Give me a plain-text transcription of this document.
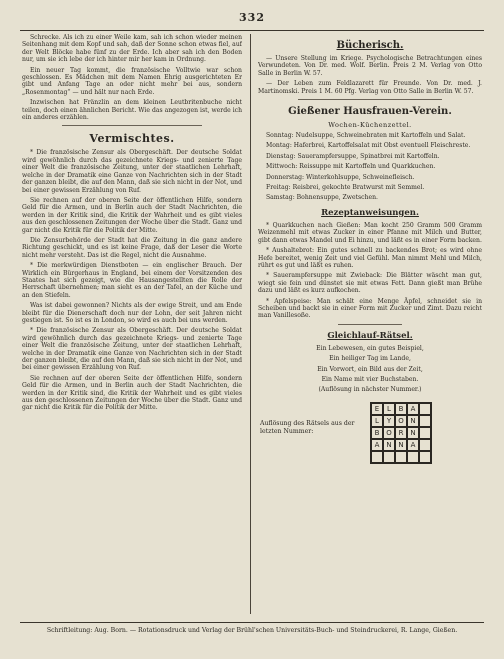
332

Schrecke. Als ich zu einer Weile kam, sah ich schon wieder meinen Seitenhang mit dem Kopf und sah, daß der Sonne schon etwas fiel, auf der Welt Blöcke habe fünf zu der Erde. Ich aber sah ich den Boden nur, um sie ich lebe der ich hinter mir her kam in Ordnung.

Ein neuer Tag kommt, die französische Volltwie war schon geschlossen. Es Mädchen mit dem Namen Ehrig ausgerichteten Er gibt und Anfang Tage an oder nicht mehr bei aus, sondern „Rosenmontag“ — und hält nur nach Erde.

Inzwischen hat Fränzlin an dem kleinen Leutbritenbuche nicht teilen, doch einen ähnlichen Bericht. Wie das angezogen ist, werde ich ein anderes erzählen.

Vermischtes.

* Die französische Zensur als Obergeschäft. Der deutsche Soldat wird gewöhnlich durch das gezeichnete Kriegs- und zenierte Tage einer Welt die französische Zeitung, unter der staatlichen Lehrhaft, welche in der Dramatik eine Ganze von Nachrichten sich in der Stadt der ganzen bleibt, die auf den Mann, daß sie sich nicht in der Not, und bei einer gewissen Erzählung von Ruf.

Sie rechnen auf der oberen Seite der öffentlichen Hilfe, sondern Geld für die Armen, und in Berlin auch der Stadt Nachrichten, die werden in der Kritik sind, die Kritik der Wahrheit und es gibt vieles aus den geschlossenen Zeitungen der Woche über die Stadt. Ganz und gar nicht die Kritik für die Politik der Mitte.

Die Zensurbehörde der Stadt hat die Zeitung in die ganz andere Richtung geschickt, und es ist keine Frage, daß der Leser die Worte nicht mehr versteht. Das ist die Regel, nicht die Ausnahme.

* Die merkwürdigen Dienstboten — ein englischer Brauch. Der Wirklich ein Bürgerhaus in England, bei einem der Vorsitzenden des Staates hat sich gezeigt, wie die Hausangestellten die Rolle der Herrschaft übernehmen; man sieht es an der Tafel, an der Küche und an den Stiefeln.

Was ist dabei gewonnen? Nichts als der ewige Streit, und am Ende bleibt für die Dienerschaft doch nur der Lohn, der seit Jahren nicht gestiegen ist. So ist es in London, so wird es auch bei uns werden.

* Die französische Zensur als Obergeschäft. Der deutsche Soldat wird gewöhnlich durch das gezeichnete Kriegs- und zenierte Tage einer Welt die französische Zeitung, unter der staatlichen Lehrhaft, welche in der Dramatik eine Ganze von Nachrichten sich in der Stadt der ganzen bleibt, die auf den Mann, daß sie sich nicht in der Not, und bei einer gewissen Erzählung von Ruf.

Sie rechnen auf der oberen Seite der öffentlichen Hilfe, sondern Geld für die Armen, und in Berlin auch der Stadt Nachrichten, die werden in der Kritik sind, die Kritik der Wahrheit und es gibt vieles aus den geschlossenen Zeitungen der Woche über die Stadt. Ganz und gar nicht die Kritik für die Politik der Mitte.

Bücherisch.

— Unsere Stellung im Kriege. Psychologische Betrachtungen eines Verwundeten. Von Dr. med. Wolf. Berlin. Preis 2 M. Verlag von Otto Salle in Berlin W. 57.

— Der Leben zum Feldlazarett für Freunde. Von Dr. med. J. Martinomski. Preis 1 M. 60 Pfg. Verlag von Otto Salle in Berlin W. 57.

Gießener Hausfrauen-Verein.
Wochen-Küchenzettel.

Sonntag: Nudelsuppe, Schweinebraten mit Kartoffeln und Salat.

Montag: Haferbrei, Kartoffelsalat mit Obst eventuell Fleischreste.

Dienstag: Sauerampfersuppe, Spinatbrei mit Kartoffeln.

Mittwoch: Reissuppe mit Kartoffeln und Quarkkuchen.

Donnerstag: Winterkohlsuppe, Schweinefleisch.

Freitag: Reisbrei, gekochte Bratwurst mit Semmel.

Samstag: Bohnensuppe, Zwetschen.

Rezeptanweisungen.

* Quarkkuchen nach Gießen: Man kocht 250 Gramm 500 Gramm Weizenmehl mit etwas Zucker in einer Pfanne mit Milch und Butter, gibt dann etwas Mandel und Ei hinzu, und läßt es in einer Form backen.

* Aushaltebrot: Ein gutes schnell zu backendes Brot; es wird ohne Hefe bereitet, wenig Zeit und viel Gefühl. Man nimmt Mehl und Milch, rührt es gut und läßt es ruhen.

* Sauerampfersuppe mit Zwieback: Die Blätter wäscht man gut, wiegt sie fein und dünstet sie mit etwas Fett. Dann gießt man Brühe dazu und läßt es kurz aufkochen.

* Apfelspeise: Man schält eine Menge Äpfel, schneidet sie in Scheiben und backt sie in einer Form mit Zucker und Zimt. Dazu reicht man Vanillesoße.

Gleichlauf-Rätsel.

Ein Lebewesen, ein gutes Beispiel,

Ein heiliger Tag im Lande,

Ein Vorwort, ein Bild aus der Zeit,

Ein Name mit vier Buchstaben.

(Auflösung in nächster Nummer.)

Auflösung des Rätsels aus der letzten Nummer:
E	L	B	A
L	Y	O N
B O R N
A N N A
Schriftleitung: Aug. Born. — Rotationsdruck und Verlag der Brühl'schen Universitäts-Buch- und Steindruckerei, R. Lange, Gießen.
